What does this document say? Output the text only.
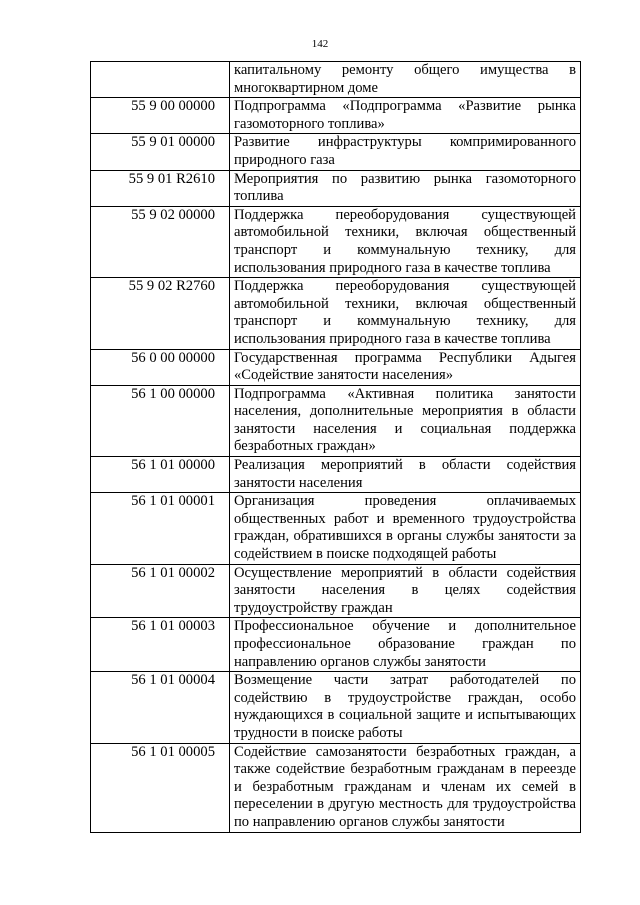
142
	капитальному ремонту общего имущества в многоквартирном доме
55 9 00 00000	Подпрограмма «Подпрограмма «Развитие рынка газомоторного топлива»
55 9 01 00000	Развитие инфраструктуры компримированного природного газа
55 9 01 R2610	Мероприятия по развитию рынка газомоторного топлива
55 9 02 00000	Поддержка переоборудования существующей автомобильной техники, включая общественный транспорт и коммунальную технику, для использования природного газа в качестве топлива
55 9 02 R2760	Поддержка переоборудования существующей автомобильной техники, включая общественный транспорт и коммунальную технику, для использования природного газа в качестве топлива
56 0 00 00000	Государственная программа Республики Адыгея «Содействие занятости населения»
56 1 00 00000	Подпрограмма «Активная политика занятости населения, дополнительные мероприятия в области занятости населения и социальная поддержка безработных граждан»
56 1 01 00000	Реализация мероприятий в области содействия занятости населения
56 1 01 00001	Организация проведения оплачиваемых общественных работ и временного трудоустройства граждан, обратившихся в органы службы занятости за содействием в поиске подходящей работы
56 1 01 00002	Осуществление мероприятий в области содействия занятости населения в целях содействия трудоустройству граждан
56 1 01 00003	Профессиональное обучение и дополнительное профессиональное образование граждан по направлению органов службы занятости
56 1 01 00004	Возмещение части затрат работодателей по содействию в трудоустройстве граждан, особо нуждающихся в социальной защите и испытывающих трудности в поиске работы
56 1 01 00005	Содействие самозанятости безработных граждан, а также содействие безработным гражданам в переезде и безработным гражданам и членам их семей в переселении в другую местность для трудоустройства по направлению органов службы занятости
